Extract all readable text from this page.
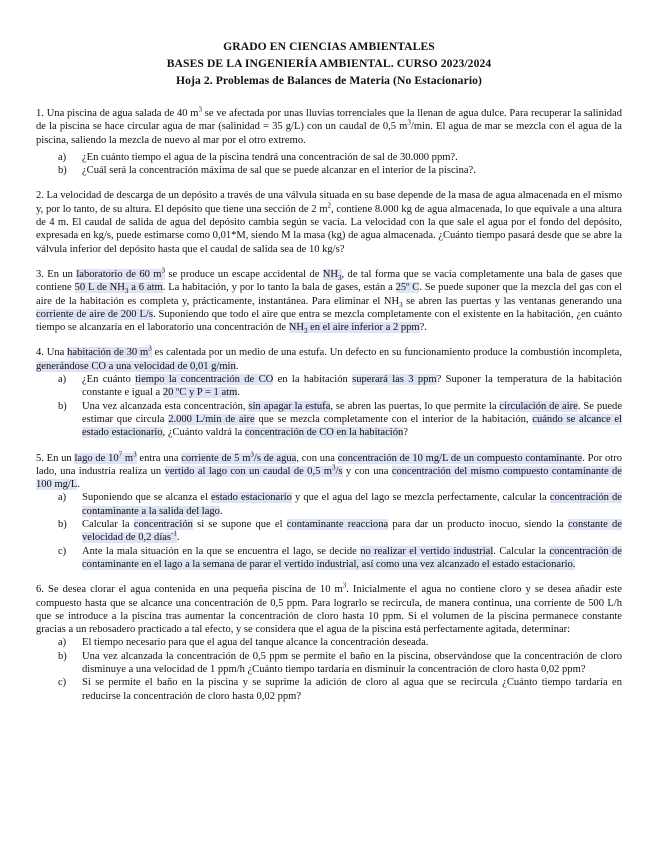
GRADO EN CIENCIAS AMBIENTALES
BASES DE LA INGENIERÍA AMBIENTAL. CURSO 2023/2024
Hoja 2. Problemas de Balances de Materia (No Estacionario)

1. Una piscina de agua salada de 40 $m^3$ se ve afectada por unas lluvias torrenciales que la llenan de agua dulce. Para recuperar la salinidad de la piscina se hace circular agua de mar (salinidad = 35 g/L) con un caudal de 0,5 $m^3/\min$. El agua de mar se mezcla con el agua de la piscina, saliendo la mezcla de nuevo al mar por el otro extremo.

a)	¿En cuánto tiempo el agua de la piscina tendrá una concentración de sal de 30.000 ppm?.
b)	¿Cuál será la concentración máxima de sal que se puede alcanzar en el interior de la piscina?.

2. La velocidad de descarga de un depósito a través de una válvula situada en su base depende de la masa de agua almacenada en el mismo y, por lo tanto, de su altura. El depósito que tiene una sección de 2 $m^2$, contiene 8.000 kg de agua almacenada, lo que equivale a una altura de 4 m. El caudal de salida de agua del depósito cambia según se vacía. La velocidad con la que sale el agua por el fondo del depósito, expresada en kg/s, puede estimarse como 0,01*M, siendo M la masa (kg) de agua almacenada. ¿Cuánto tiempo pasará desde que se abre la válvula inferior del depósito hasta que el caudal de salida sea de 10 kg/s?

3. En un laboratorio de 60 $m^3$ se produce un escape accidental de $NH_3$, de tal forma que se vacía completamente una bala de gases que contiene 50 L de $NH_3$ a 6 atm. La habitación, y por lo tanto la bala de gases, están a 25º C. Se puede suponer que la mezcla del gas con el aire de la habitación es completa y, prácticamente, instantánea. Para eliminar el $NH_3$ se abren las puertas y las ventanas generando una corriente de aire de 200 L/s. Suponiendo que todo el aire que entra se mezcla completamente con el existente en la habitación, ¿en cuánto tiempo se alcanzaría en el laboratorio una concentración de $NH_3$ en el aire inferior a 2 ppm?.

4. Una habitación de 30 $m^3$ es calentada por un medio de una estufa. Un defecto en su funcionamiento produce la combustión incompleta, generándose CO a una velocidad de 0,01 g/min.

a)	¿En cuánto tiempo la concentración de CO en la habitación superará las 3 ppm? Suponer la temperatura de la habitación constante e igual a 20 ºC y P = 1 atm.
b)	Una vez alcanzada esta concentración, sin apagar la estufa, se abren las puertas, lo que permite la circulación de aire. Se puede estimar que circula 2.000 L/min de aire que se mezcla completamente con el interior de la habitación, cuándo se alcance el estado estacionario, ¿Cuánto valdrá la concentración de CO en la habitación?

5. En un lago de $10^7$ $m^3$ entra una corriente de 5 $m^3/s$ de agua, con una concentración de 10 mg/L de un compuesto contaminante. Por otro lado, una industria realiza un vertido al lago con un caudal de 0,5 $m^3/s$ y con una concentración del mismo compuesto contaminante de 100 mg/L.

a)	Suponiendo que se alcanza el estado estacionario y que el agua del lago se mezcla perfectamente, calcular la concentración de contaminante a la salida del lago.
b)	Calcular la concentración si se supone que el contaminante reacciona para dar un producto inocuo, siendo la constante de velocidad de 0,2 días$^{-1}$.
c)	Ante la mala situación en la que se encuentra el lago, se decide no realizar el vertido industrial. Calcular la concentración de contaminante en el lago a la semana de parar el vertido industrial, así como una vez alcanzado el estado estacionario.

6. Se desea clorar el agua contenida en una pequeña piscina de 10 $m^3$. Inicialmente el agua no contiene cloro y se desea añadir este compuesto hasta que se alcance una concentración de 0,5 ppm. Para lograrlo se recircula, de manera continua, una corriente de 500 L/h que se introduce a la piscina tras aumentar la concentración de cloro hasta 10 ppm. Si el volumen de la piscina permanece constante gracias a un rebosadero practicado a tal efecto, y se considera que el agua de la piscina está perfectamente agitada, determinar:

a)	El tiempo necesario para que el agua del tanque alcance la concentración deseada.
b)	Una vez alcanzada la concentración de 0,5 ppm se permite el baño en la piscina, observándose que la concentración de cloro disminuye a una velocidad de 1 ppm/h ¿Cuánto tiempo tardaría en disminuir la concentración de cloro hasta 0,02 ppm?
c)	Si se permite el baño en la piscina y se suprime la adición de cloro al agua que se recircula ¿Cuánto tiempo tardaría en reducirse la concentración de cloro hasta 0,02 ppm?
